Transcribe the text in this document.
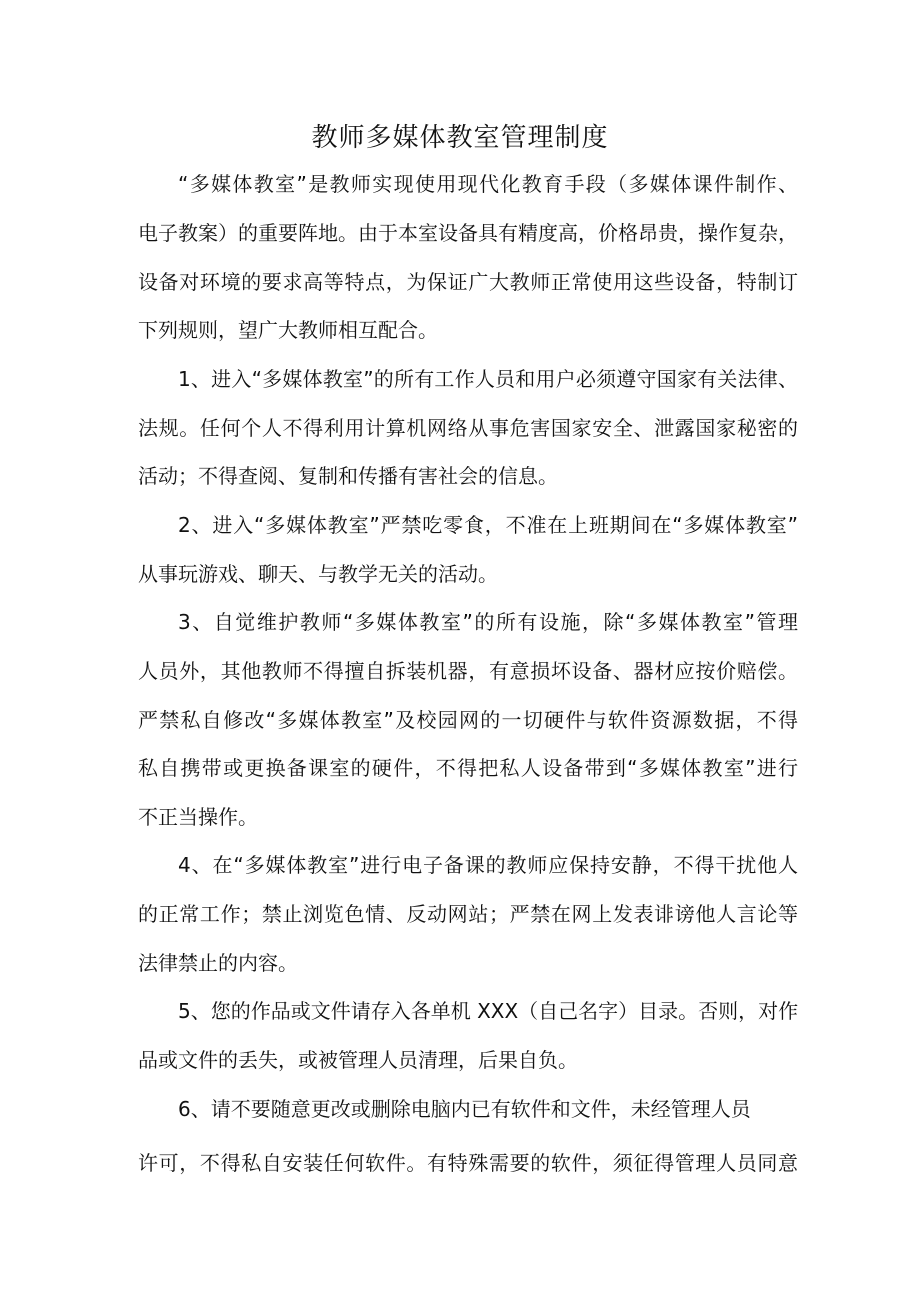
教师多媒体教室管理制度

“多媒体教室”是教师实现使用现代化教育手段（多媒体课件制作、

电子教案）的重要阵地。由于本室设备具有精度高，价格昂贵，操作复杂，

设备对环境的要求高等特点，为保证广大教师正常使用这些设备，特制订

下列规则，望广大教师相互配合。

1、进入“多媒体教室”的所有工作人员和用户必须遵守国家有关法律、

法规。任何个人不得利用计算机网络从事危害国家安全、泄露国家秘密的

活动；不得查阅、复制和传播有害社会的信息。

2、进入“多媒体教室”严禁吃零食，不准在上班期间在“多媒体教室”

从事玩游戏、聊天、与教学无关的活动。

3、自觉维护教师“多媒体教室”的所有设施，除“多媒体教室”管理

人员外，其他教师不得擅自拆装机器，有意损坏设备、器材应按价赔偿。

严禁私自修改“多媒体教室”及校园网的一切硬件与软件资源数据，不得

私自携带或更换备课室的硬件，不得把私人设备带到“多媒体教室”进行

不正当操作。

4、在“多媒体教室”进行电子备课的教师应保持安静，不得干扰他人

的正常工作；禁止浏览色情、反动网站；严禁在网上发表诽谤他人言论等

法律禁止的内容。

5、您的作品或文件请存入各单机 XXX（自己名字）目录。否则，对作

品或文件的丢失，或被管理人员清理，后果自负。

6、请不要随意更改或删除电脑内已有软件和文件，未经管理人员

许可，不得私自安装任何软件。有特殊需要的软件，须征得管理人员同意
